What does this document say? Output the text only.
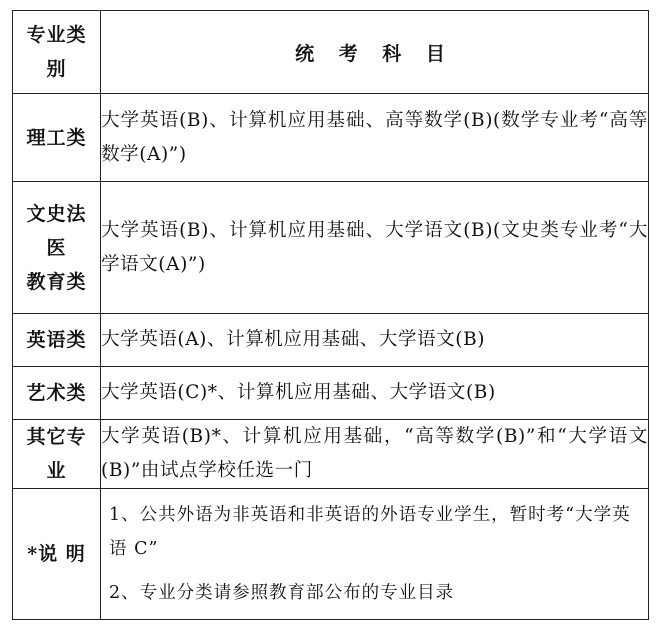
专业类
别	统 考 科 目

理工类	大学英语(B)、计算机应用基础、高等数学(B)(数学专业考“高等数学(A)”)

文史法
医
教育类	大学英语(B)、计算机应用基础、大学语文(B)(文史类专业考“大学语文(A)”)

英语类	大学英语(A)、计算机应用基础、大学语文(B)

艺术类	大学英语(C)*、计算机应用基础、大学语文(B)

其它专
业	大学英语(B)*、计算机应用基础，“高等数学(B)”和“大学语文(B)”由试点学校任选一门
*说 明	1、公共外语为非英语和非英语的外语专业学生，暂时考“大学英语 C”

2、专业分类请参照教育部公布的专业目录
